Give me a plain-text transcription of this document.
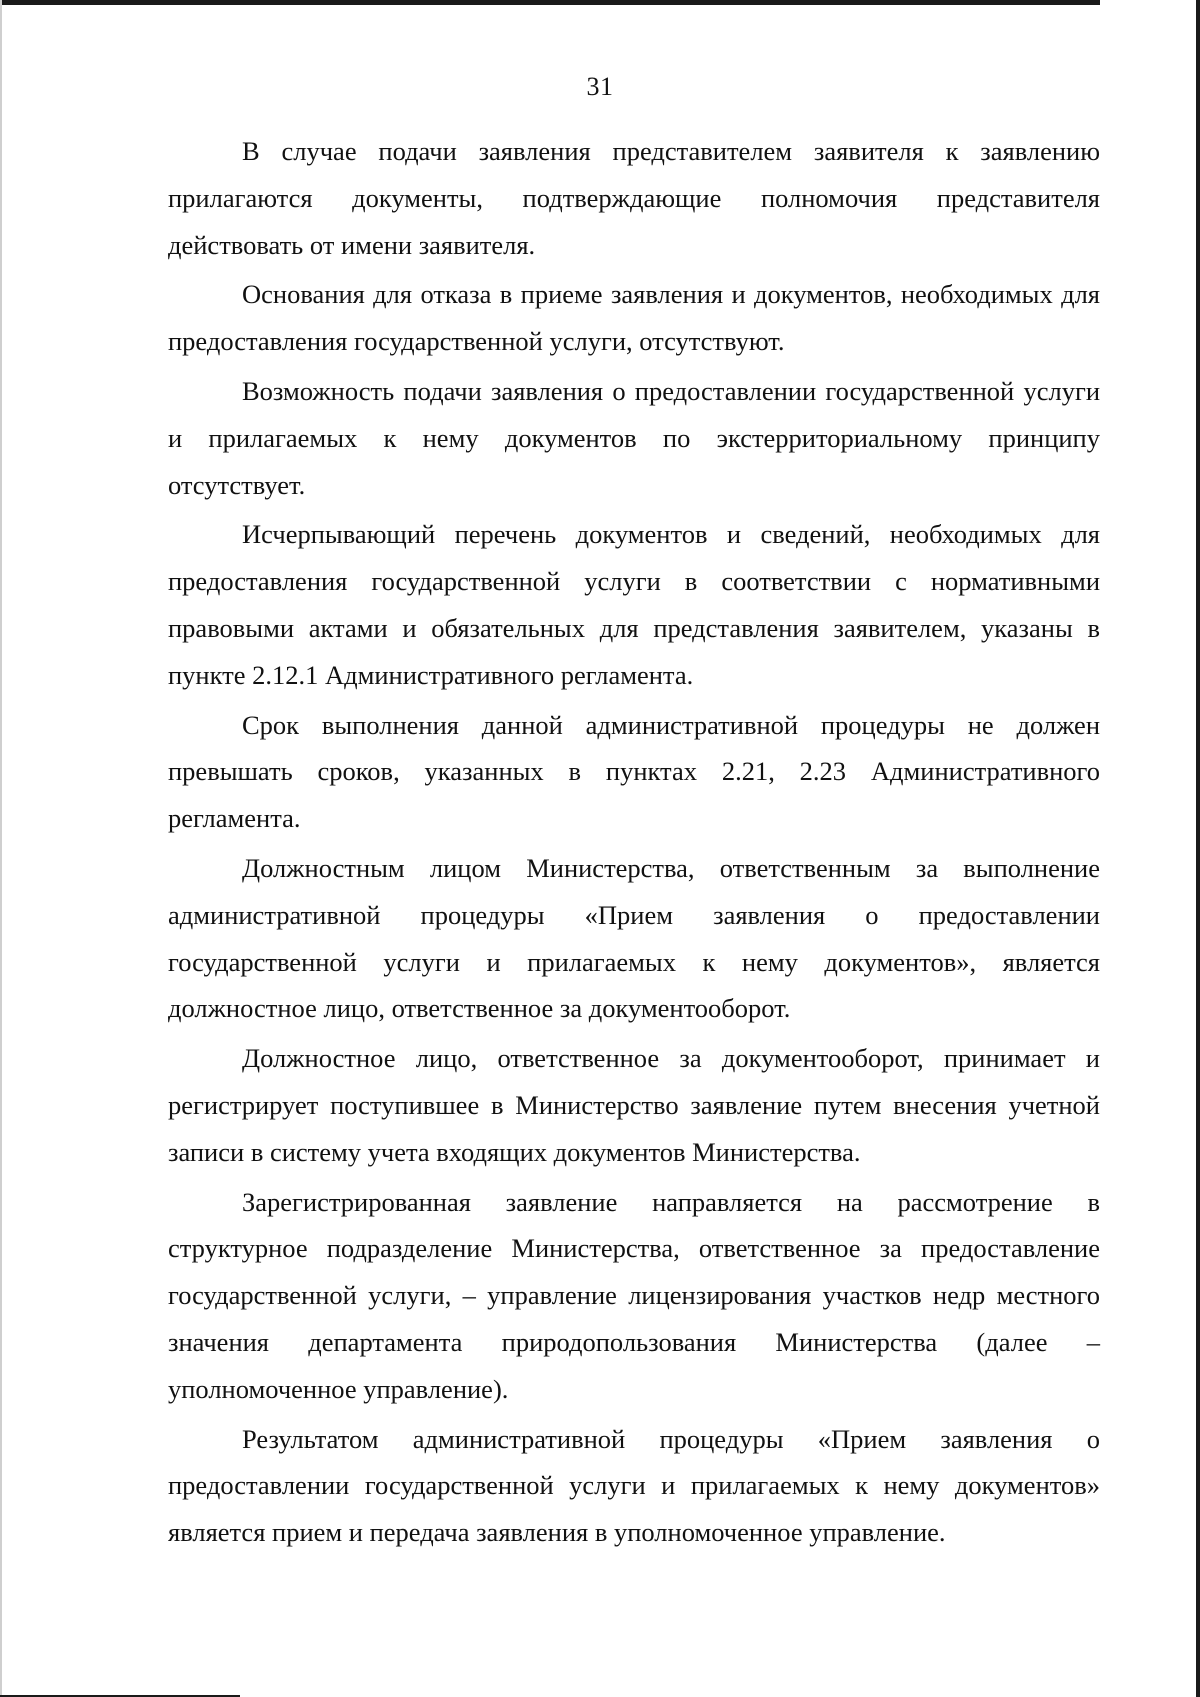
31

В случае подачи заявления представителем заявителя к заявлению прилагаются документы, подтверждающие полномочия представителя действовать от имени заявителя.

Основания для отказа в приеме заявления и документов, необходимых для предоставления государственной услуги, отсутствуют.

Возможность подачи заявления о предоставлении государственной услуги и прилагаемых к нему документов по экстерриториальному принципу отсутствует.

Исчерпывающий перечень документов и сведений, необходимых для предоставления государственной услуги в соответствии с нормативными правовыми актами и обязательных для представления заявителем, указаны в пункте 2.12.1 Административного регламента.

Срок выполнения данной административной процедуры не должен превышать сроков, указанных в пунктах 2.21, 2.23 Административного регламента.

Должностным лицом Министерства, ответственным за выполнение административной процедуры «Прием заявления о предоставлении государственной услуги и прилагаемых к нему документов», является должностное лицо, ответственное за документооборот.

Должностное лицо, ответственное за документооборот, принимает и регистрирует поступившее в Министерство заявление путем внесения учетной записи в систему учета входящих документов Министерства.

Зарегистрированная заявление направляется на рассмотрение в структурное подразделение Министерства, ответственное за предоставление государственной услуги, – управление лицензирования участков недр местного значения департамента природопользования Министерства (далее – уполномоченное управление).

Результатом административной процедуры «Прием заявления о предоставлении государственной услуги и прилагаемых к нему документов» является прием и передача заявления в уполномоченное управление.
